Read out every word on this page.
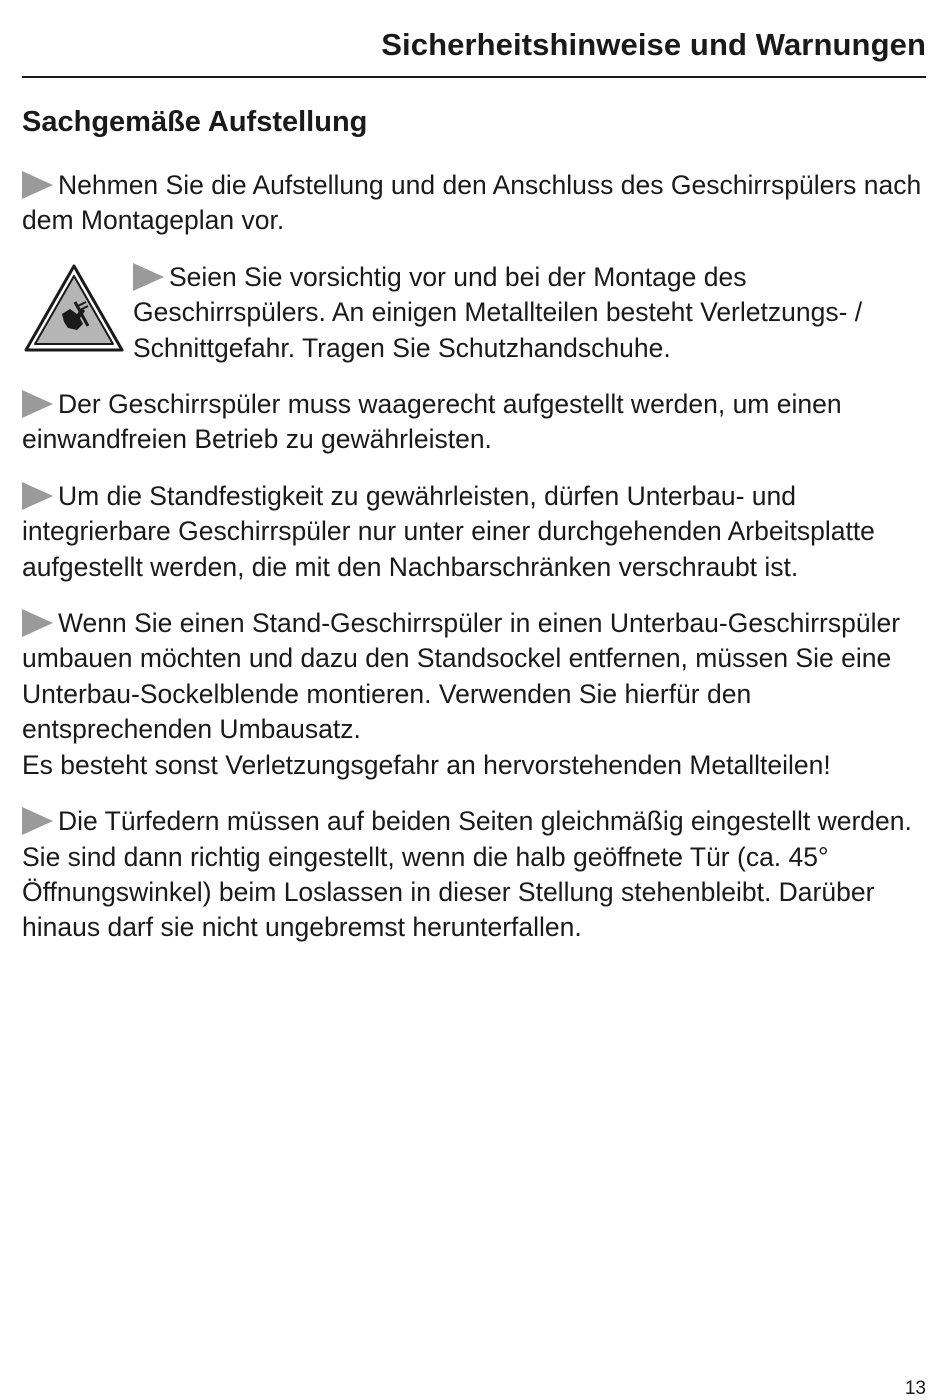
Sicherheitshinweise und Warnungen
Sachgemäße Aufstellung

Nehmen Sie die Aufstellung und den Anschluss des Geschirrspülers nach dem Montageplan vor.

Seien Sie vorsichtig vor und bei der Montage des Geschirrspülers. An einigen Metallteilen besteht Verletzungs- / Schnittgefahr. Tragen Sie Schutzhandschuhe.

Der Geschirrspüler muss waagerecht aufgestellt werden, um einen einwandfreien Betrieb zu gewährleisten.

Um die Standfestigkeit zu gewährleisten, dürfen Unterbau- und integrierbare Geschirrspüler nur unter einer durchgehenden Arbeitsplatte aufgestellt werden, die mit den Nachbarschränken verschraubt ist.

Wenn Sie einen Stand-Geschirrspüler in einen Unterbau-Geschirrspüler umbauen möchten und dazu den Standsockel entfernen, müssen Sie eine Unterbau-Sockelblende montieren. Verwenden Sie hierfür den entsprechenden Umbausatz.
Es besteht sonst Verletzungsgefahr an hervorstehenden Metallteilen!

Die Türfedern müssen auf beiden Seiten gleichmäßig eingestellt werden. Sie sind dann richtig eingestellt, wenn die halb geöffnete Tür (ca. 45° Öffnungswinkel) beim Loslassen in dieser Stellung stehenbleibt. Darüber hinaus darf sie nicht ungebremst herunterfallen.

13
